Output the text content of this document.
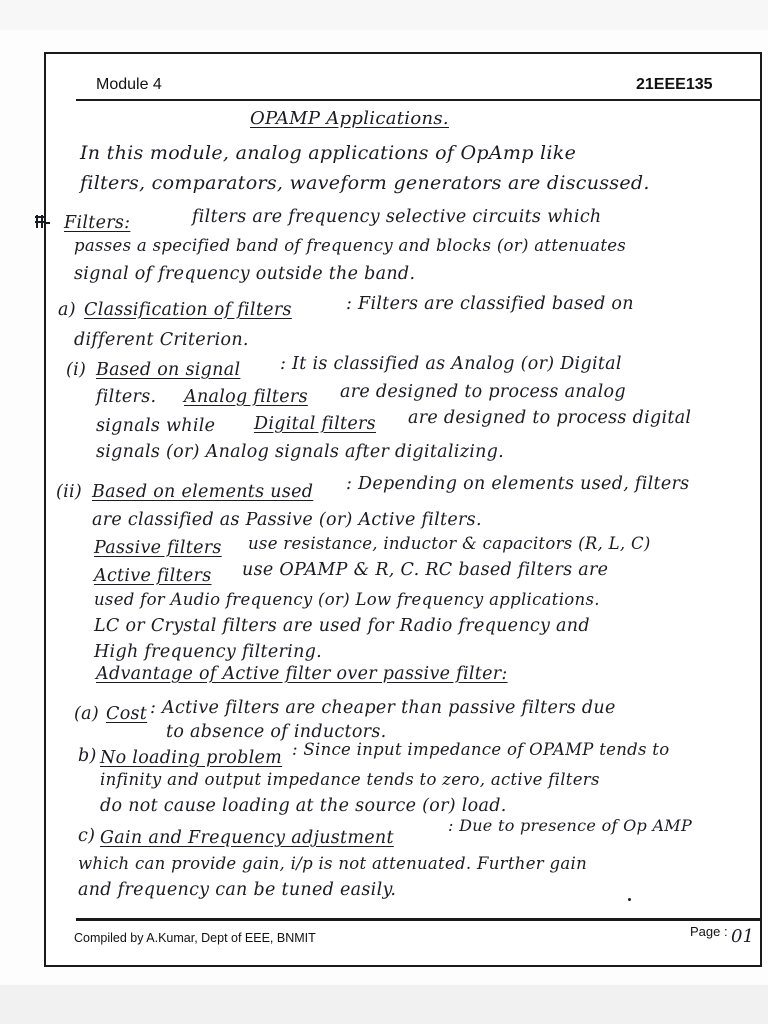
Module 4	21EEE135
OPAMP Applications.
In this module, analog applications of OpAmp like
filters, comparators, waveform generators are discussed.
Filters:	filters are frequency selective circuits which
passes a specified band of frequency and blocks (or) attenuates
signal of frequency outside the band.
a) Classification of filters	: Filters are classified based on
different Criterion.
(i) Based on signal : It is classified as Analog (or) Digital
filters. Analog filters are designed to process analog
signals while Digital filters are designed to process digital
signals (or) Analog signals after digitalizing.
(ii) Based on elements used : Depending on elements used, filters
are classified as Passive (or) Active filters.
Passive filters use resistance, inductor & capacitors (R, L, C)
Active filters use OPAMP & R, C. RC based filters are
used for Audio frequency (or) Low frequency applications.
LC or Crystal filters are used for Radio frequency and
High frequency filtering.
Advantage of Active filter over passive filter:
(a) Cost : Active filters are cheaper than passive filters due
to absence of inductors.
b) No loading problem : Since input impedance of OPAMP tends to
infinity and output impedance tends to zero, active filters
do not cause loading at the source (or) load.
c) Gain and Frequency adjustment
: Due to presence of Op AMP
which can provide gain, i/p is not attenuated. Further gain
and frequency can be tuned easily.
Compiled by A.Kumar, Dept of EEE, BNMIT	Page : 01
